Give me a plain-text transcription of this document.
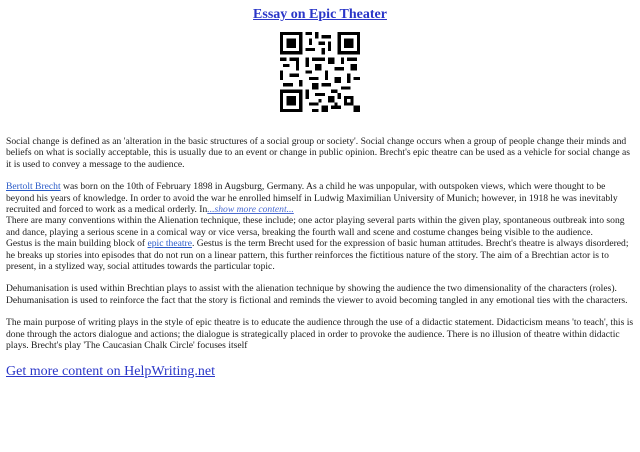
Essay on Epic Theater

Social change is defined as an 'alteration in the basic structures of a social group or society'. Social change occurs when a group of people change their minds and beliefs on what is socially acceptable, this is usually due to an event or change in public opinion. Brecht's epic theatre can be used as a vehicle for social change as it is used to convey a message to the audience.

Bertolt Brecht was born on the 10th of February 1898 in Augsburg, Germany. As a child he was unpopular, with outspoken views, which were thought to be beyond his years of knowledge. In order to avoid the war he enrolled himself in Ludwig Maximilian University of Munich; however, in 1918 he was inevitably recruited and forced to work as a medical orderly. In...show more content...

There are many conventions within the Alienation technique, these include; one actor playing several parts within the given play, spontaneous outbreak into song and dance, playing a serious scene in a comical way or vice versa, breaking the fourth wall and scene and costume changes being visible to the audience.

Gestus is the main building block of epic theatre. Gestus is the term Brecht used for the expression of basic human attitudes. Brecht's theatre is always disordered; he breaks up stories into episodes that do not run on a linear pattern, this further reinforces the fictitious nature of the story. The aim of a Brechtian actor is to present, in a stylized way, social attitudes towards the particular topic.

Dehumanisation is used within Brechtian plays to assist with the alienation technique by showing the audience the two dimensionality of the characters (roles). Dehumanisation is used to reinforce the fact that the story is fictional and reminds the viewer to avoid becoming tangled in any emotional ties with the characters.

The main purpose of writing plays in the style of epic theatre is to educate the audience through the use of a didactic statement. Didacticism means 'to teach', this is done through the actors dialogue and actions; the dialogue is strategically placed in order to provoke the audience. There is no illusion of theatre within didactic plays. Brecht's play 'The Caucasian Chalk Circle' focuses itself

Get more content on HelpWriting.net
